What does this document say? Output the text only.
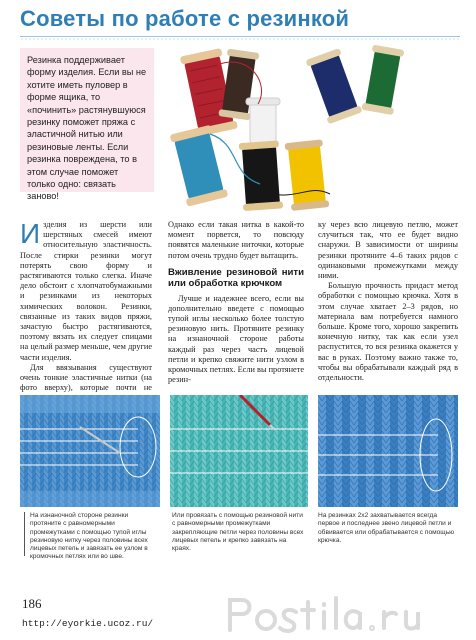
Советы по работе с резинкой
Резинка поддерживает форму изделия. Если вы не хотите иметь пуловер в форме ящика, то «починить» растянувшуюся резинку поможет пряжа с эластичной нитью или резиновые ленты. Если резинка повреждена, то в этом случае поможет только одно: связать заново!

И зделия из шерсти или шерстяных смесей имеют относительную эластичность. После стирки резинки могут потерять свою форму и растягиваются только слегка. Иначе дело обстоит с хлопчатобумажными и резинками из некоторых химических волокон. Резинки, связанные из таких видов пряжи, зачастую быстро растягиваются, поэтому вязать их следует спицами на целый размер меньше, чем другие части изделия.

Для ввязывания существуют очень тонкие эластичные нитки (на фото вверху), которые почти не

Однако если такая нитка в какой-то момент порвется, то повсюду появятся маленькие ниточки, которые потом очень трудно будет вытащить.

Вживление резиновой нити или обработка крючком

Лучше и надежнее всего, если вы дополнительно введете с помощью тупой иглы несколько более толстую резиновую нить. Протяните резинку на изнаночной стороне работы каждый раз через частъ лицевой петли и крепко свяжите нити узлом в кромочных петлях. Если вы протянете резин-

ку через всю лицевую петлю, может случиться так, что ее будет видно снаружи. В зависимости от ширины резинки протяните 4–6 таких рядов с одинаковыми промежутками между ними.

Большую прочность придаст метод обработки с помощью крючка. Хотя в этом случае хватает 2–3 рядов, но материала вам потребуется намного больше. Кроме того, хорошо закрепить конечную нитку, так как если узел распустится, то вся резинка окажется у вас в руках. Поэтому важно также то, чтобы вы обрабатывали каждый ряд в отдельности.

На изнаночной стороне резинки протяните с равномерными промежутками с помощью тупой иглы резиновую нитку через половины всех лицевых петель и завязать ее узлом в кромочных петлях или во шве.
Или провязать с помощью резиновой нити с равномерными промежутками закрепляющие петли через половины всех лицевых петель и крепко завязать на краях.
На резинках 2х2 захватывается всегда первое и последнее звено лицевой петли и обвивается или обрабатывается с помощью крючка.
186
http://eyorkie.ucoz.ru/
